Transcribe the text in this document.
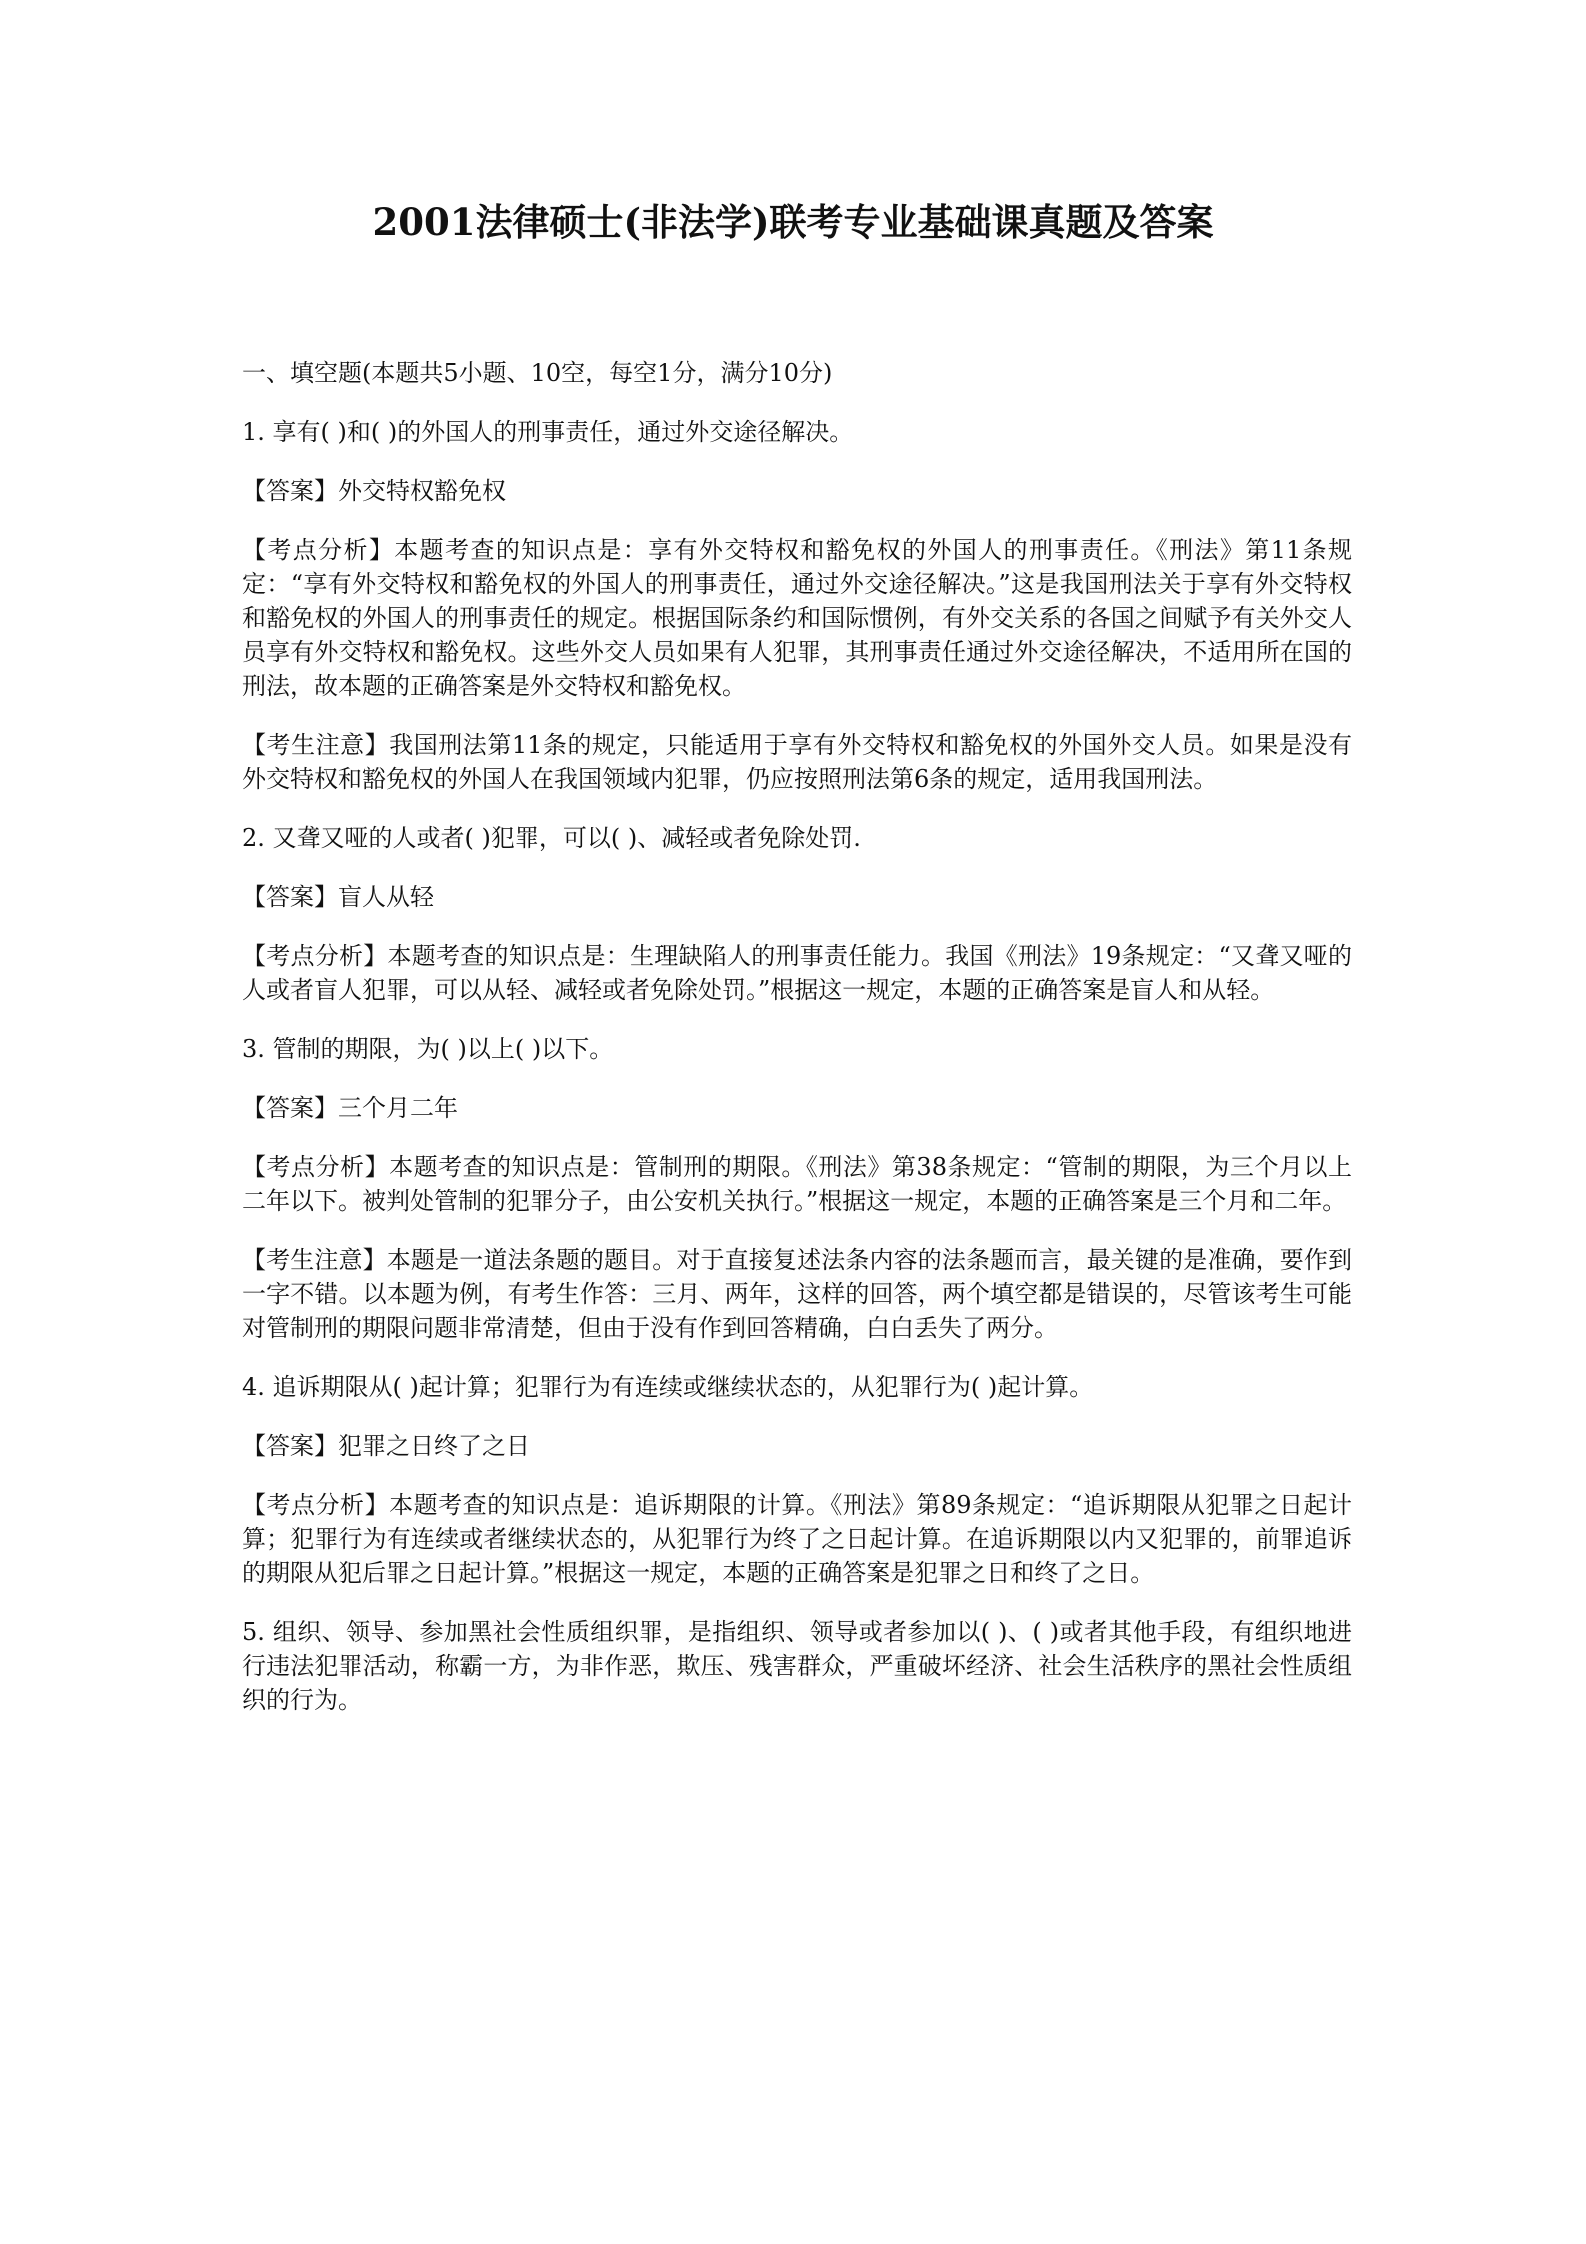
2001法律硕士(非法学)联考专业基础课真题及答案

一、填空题(本题共5小题、10空，每空1分，满分10分)

1. 享有( )和( )的外国人的刑事责任，通过外交途径解决。

【答案】外交特权豁免权

【考点分析】本题考查的知识点是：享有外交特权和豁免权的外国人的刑事责任。《刑法》第11条规定：“享有外交特权和豁免权的外国人的刑事责任，通过外交途径解决。”这是我国刑法关于享有外交特权和豁免权的外国人的刑事责任的规定。根据国际条约和国际惯例，有外交关系的各国之间赋予有关外交人员享有外交特权和豁免权。这些外交人员如果有人犯罪，其刑事责任通过外交途径解决，不适用所在国的刑法，故本题的正确答案是外交特权和豁免权。

【考生注意】我国刑法第11条的规定，只能适用于享有外交特权和豁免权的外国外交人员。如果是没有外交特权和豁免权的外国人在我国领域内犯罪，仍应按照刑法第6条的规定，适用我国刑法。

2. 又聋又哑的人或者( )犯罪，可以( )、减轻或者免除处罚.

【答案】盲人从轻

【考点分析】本题考查的知识点是：生理缺陷人的刑事责任能力。我国《刑法》19条规定：“又聋又哑的人或者盲人犯罪，可以从轻、减轻或者免除处罚。”根据这一规定，本题的正确答案是盲人和从轻。

3. 管制的期限，为( )以上( )以下。

【答案】三个月二年

【考点分析】本题考查的知识点是：管制刑的期限。《刑法》第38条规定：“管制的期限，为三个月以上二年以下。被判处管制的犯罪分子，由公安机关执行。”根据这一规定，本题的正确答案是三个月和二年。

【考生注意】本题是一道法条题的题目。对于直接复述法条内容的法条题而言，最关键的是准确，要作到一字不错。以本题为例，有考生作答：三月、两年，这样的回答，两个填空都是错误的，尽管该考生可能对管制刑的期限问题非常清楚，但由于没有作到回答精确，白白丢失了两分。

4. 追诉期限从( )起计算；犯罪行为有连续或继续状态的，从犯罪行为( )起计算。

【答案】犯罪之日终了之日

【考点分析】本题考查的知识点是：追诉期限的计算。《刑法》第89条规定：“追诉期限从犯罪之日起计算；犯罪行为有连续或者继续状态的，从犯罪行为终了之日起计算。在追诉期限以内又犯罪的，前罪追诉的期限从犯后罪之日起计算。”根据这一规定，本题的正确答案是犯罪之日和终了之日。

5. 组织、领导、参加黑社会性质组织罪，是指组织、领导或者参加以( )、( )或者其他手段，有组织地进行违法犯罪活动，称霸一方，为非作恶，欺压、残害群众，严重破坏经济、社会生活秩序的黑社会性质组织的行为。
